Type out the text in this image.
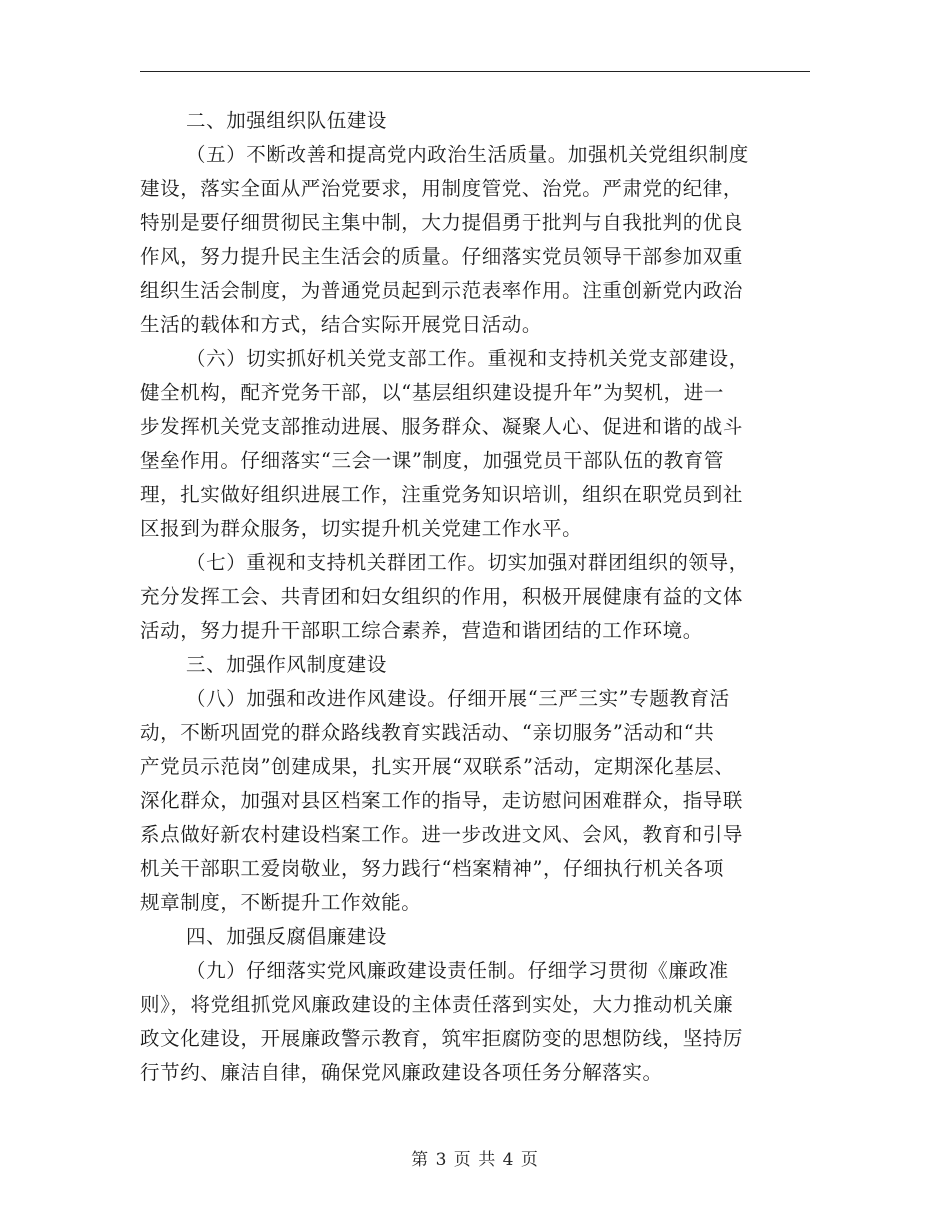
二、加强组织队伍建设
（五）不断改善和提高党内政治生活质量。加强机关党组织制度
建设，落实全面从严治党要求，用制度管党、治党。严肃党的纪律，
特别是要仔细贯彻民主集中制，大力提倡勇于批判与自我批判的优良
作风，努力提升民主生活会的质量。仔细落实党员领导干部参加双重
组织生活会制度，为普通党员起到示范表率作用。注重创新党内政治
生活的载体和方式，结合实际开展党日活动。
（六）切实抓好机关党支部工作。重视和支持机关党支部建设，
健全机构，配齐党务干部，以“基层组织建设提升年”为契机，进一
步发挥机关党支部推动进展、服务群众、凝聚人心、促进和谐的战斗
堡垒作用。仔细落实“三会一课”制度，加强党员干部队伍的教育管
理，扎实做好组织进展工作，注重党务知识培训，组织在职党员到社
区报到为群众服务，切实提升机关党建工作水平。
（七）重视和支持机关群团工作。切实加强对群团组织的领导，
充分发挥工会、共青团和妇女组织的作用，积极开展健康有益的文体
活动，努力提升干部职工综合素养，营造和谐团结的工作环境。
三、加强作风制度建设
（八）加强和改进作风建设。仔细开展“三严三实”专题教育活
动，不断巩固党的群众路线教育实践活动、“亲切服务”活动和“共
产党员示范岗”创建成果，扎实开展“双联系”活动，定期深化基层、
深化群众，加强对县区档案工作的指导，走访慰问困难群众，指导联
系点做好新农村建设档案工作。进一步改进文风、会风，教育和引导
机关干部职工爱岗敬业，努力践行“档案精神”，仔细执行机关各项
规章制度，不断提升工作效能。
四、加强反腐倡廉建设
（九）仔细落实党风廉政建设责任制。仔细学习贯彻《廉政准
则》，将党组抓党风廉政建设的主体责任落到实处，大力推动机关廉
政文化建设，开展廉政警示教育，筑牢拒腐防变的思想防线，坚持厉
行节约、廉洁自律，确保党风廉政建设各项任务分解落实。
第 3 页 共 4 页
